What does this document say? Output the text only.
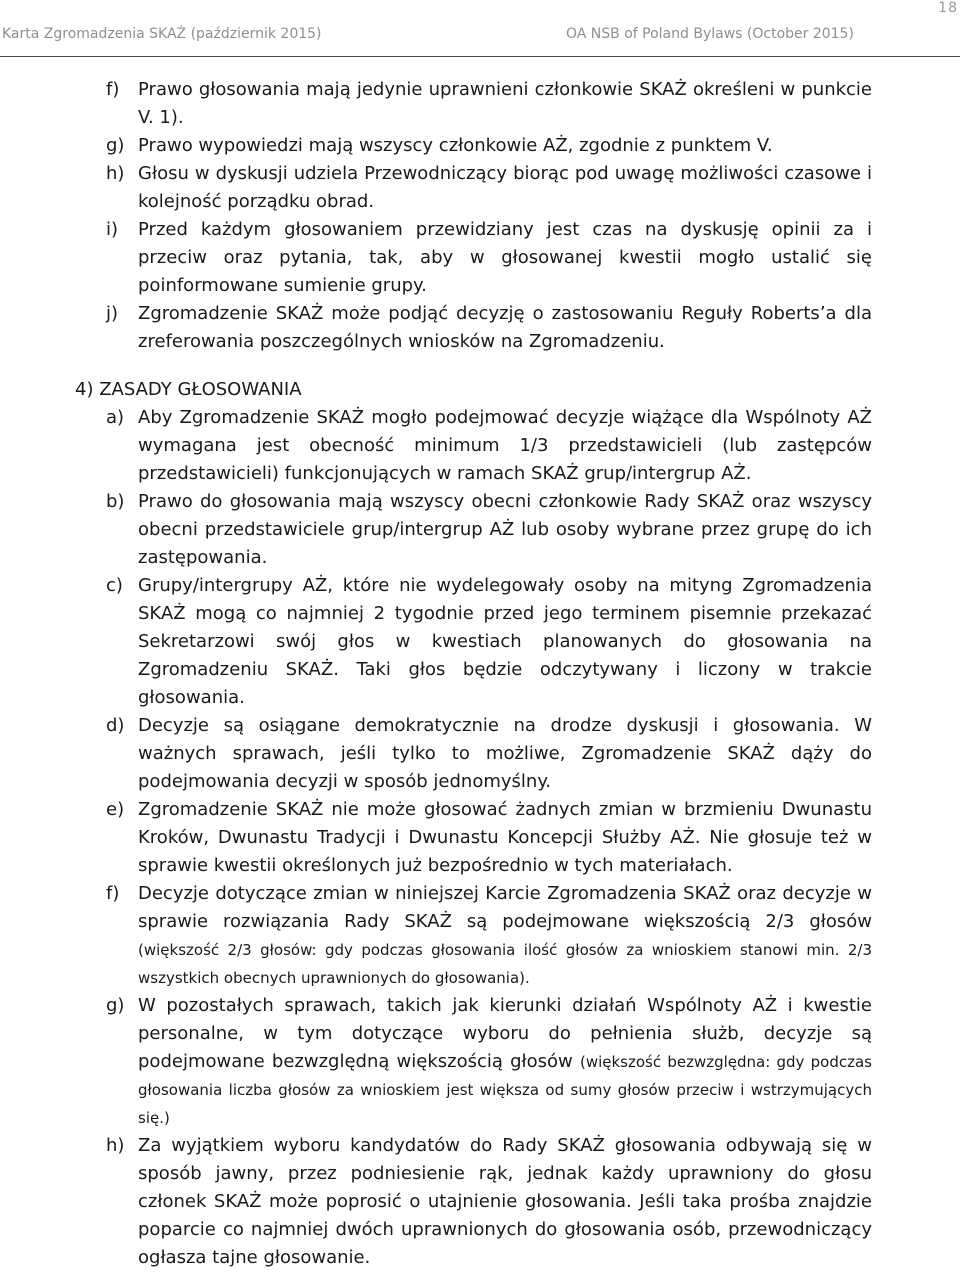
18
Karta Zgromadzenia SKAŻ (październik 2015)	OA NSB of Poland Bylaws (October 2015)
f) Prawo głosowania mają jedynie uprawnieni członkowie SKAŻ określeni w punkcie V. 1).
g) Prawo wypowiedzi mają wszyscy członkowie AŻ, zgodnie z punktem V.
h) Głosu w dyskusji udziela Przewodniczący biorąc pod uwagę możliwości czasowe i kolejność porządku obrad.
i) Przed każdym głosowaniem przewidziany jest czas na dyskusję opinii za i przeciw oraz pytania, tak, aby w głosowanej kwestii mogło ustalić się poinformowane sumienie grupy.
j) Zgromadzenie SKAŻ może podjąć decyzję o zastosowaniu Reguły Roberts’a dla zreferowania poszczególnych wniosków na Zgromadzeniu.
4) ZASADY GŁOSOWANIA
a) Aby Zgromadzenie SKAŻ mogło podejmować decyzje wiążące dla Wspólnoty AŻ wymagana jest obecność minimum 1/3 przedstawicieli (lub zastępców przedstawicieli) funkcjonujących w ramach SKAŻ grup/intergrup AŻ.
b) Prawo do głosowania mają wszyscy obecni członkowie Rady SKAŻ oraz wszyscy obecni przedstawiciele grup/intergrup AŻ lub osoby wybrane przez grupę do ich zastępowania.
c) Grupy/intergrupy AŻ, które nie wydelegowały osoby na mityng Zgromadzenia SKAŻ mogą co najmniej 2 tygodnie przed jego terminem pisemnie przekazać Sekretarzowi swój głos w kwestiach planowanych do głosowania na Zgromadzeniu SKAŻ. Taki głos będzie odczytywany i liczony w trakcie głosowania.
d) Decyzje są osiągane demokratycznie na drodze dyskusji i głosowania. W ważnych sprawach, jeśli tylko to możliwe, Zgromadzenie SKAŻ dąży do podejmowania decyzji w sposób jednomyślny.
e) Zgromadzenie SKAŻ nie może głosować żadnych zmian w brzmieniu Dwunastu Kroków, Dwunastu Tradycji i Dwunastu Koncepcji Służby AŻ. Nie głosuje też w sprawie kwestii określonych już bezpośrednio w tych materiałach.
f) Decyzje dotyczące zmian w niniejszej Karcie Zgromadzenia SKAŻ oraz decyzje w sprawie rozwiązania Rady SKAŻ są podejmowane większością 2/3 głosów (większość 2/3 głosów: gdy podczas głosowania ilość głosów za wnioskiem stanowi min. 2/3 wszystkich obecnych uprawnionych do głosowania).
g) W pozostałych sprawach, takich jak kierunki działań Wspólnoty AŻ i kwestie personalne, w tym dotyczące wyboru do pełnienia służb, decyzje są podejmowane bezwzględną większością głosów (większość bezwzględna: gdy podczas głosowania liczba głosów za wnioskiem jest większa od sumy głosów przeciw i wstrzymujących się.)
h) Za wyjątkiem wyboru kandydatów do Rady SKAŻ głosowania odbywają się w sposób jawny, przez podniesienie rąk, jednak każdy uprawniony do głosu członek SKAŻ może poprosić o utajnienie głosowania. Jeśli taka prośba znajdzie poparcie co najmniej dwóch uprawnionych do głosowania osób, przewodniczący ogłasza tajne głosowanie.
